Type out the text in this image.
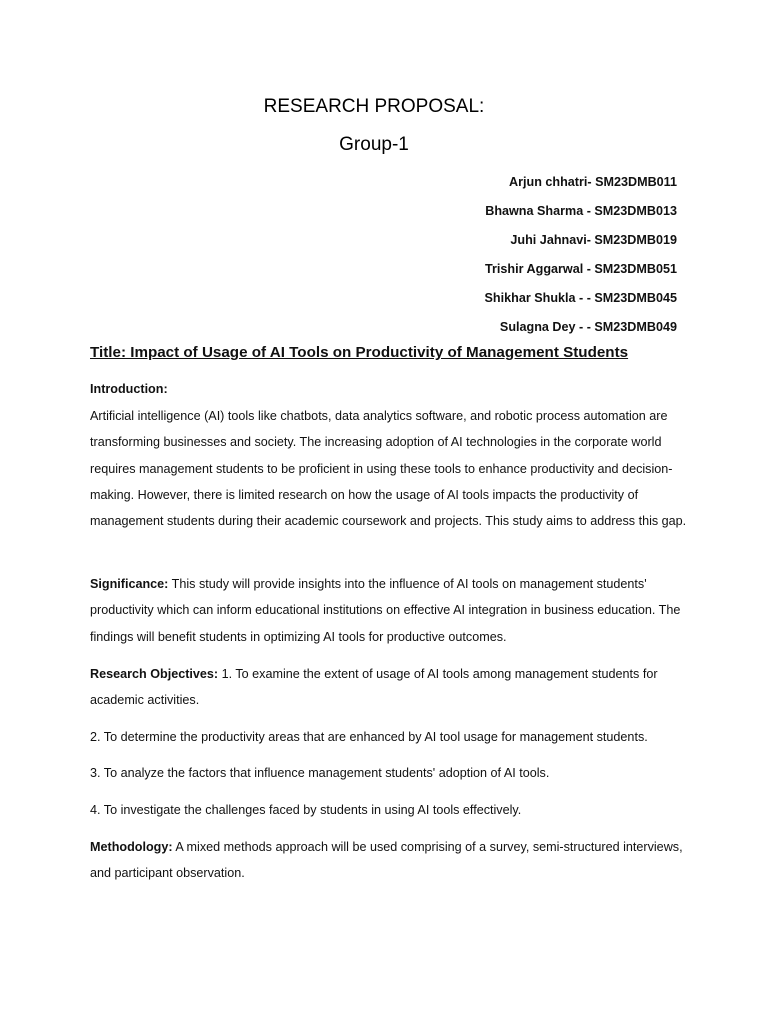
RESEARCH PROPOSAL:
Group-1
Arjun chhatri- SM23DMB011
Bhawna Sharma - SM23DMB013
Juhi Jahnavi- SM23DMB019
Trishir Aggarwal - SM23DMB051
Shikhar Shukla - - SM23DMB045
Sulagna Dey - - SM23DMB049
Title: Impact of Usage of AI Tools on Productivity of Management Students
Introduction:

Artificial intelligence (AI) tools like chatbots, data analytics software, and robotic process automation are transforming businesses and society. The increasing adoption of AI technologies in the corporate world requires management students to be proficient in using these tools to enhance productivity and decision-making. However, there is limited research on how the usage of AI tools impacts the productivity of management students during their academic coursework and projects. This study aims to address this gap.

Significance: This study will provide insights into the influence of AI tools on management students' productivity which can inform educational institutions on effective AI integration in business education. The findings will benefit students in optimizing AI tools for productive outcomes.

Research Objectives: 1. To examine the extent of usage of AI tools among management students for academic activities.

2. To determine the productivity areas that are enhanced by AI tool usage for management students.
3. To analyze the factors that influence management students' adoption of AI tools.
4. To investigate the challenges faced by students in using AI tools effectively.

Methodology: A mixed methods approach will be used comprising of a survey, semi-structured interviews, and participant observation.
